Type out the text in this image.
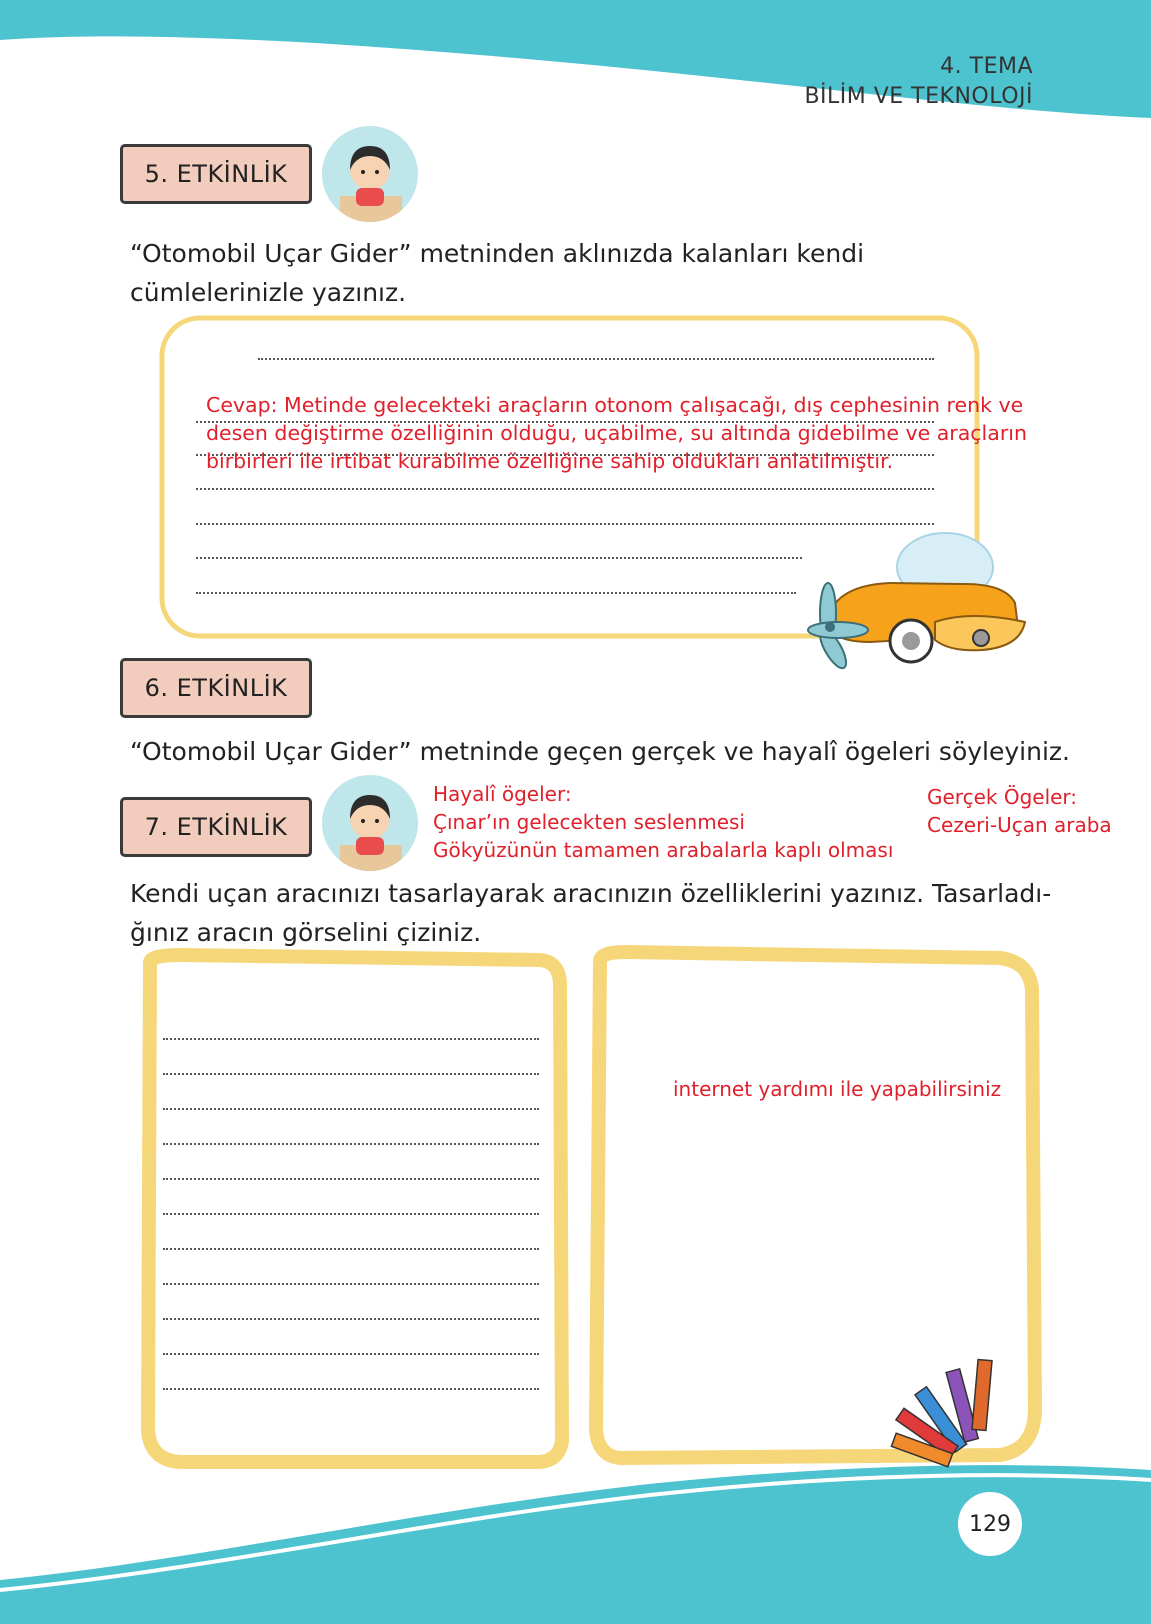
4. TEMA
BİLİM VE TEKNOLOJİ
5. ETKİNLİK
“Otomobil Uçar Gider” metninden aklınızda kalanları kendi cümlelerinizle yazınız.
Cevap: Metinde gelecekteki araçların otonom çalışacağı, dış cephesinin renk ve desen değiştirme özelliğinin olduğu, uçabilme, su altında gidebilme ve araçların birbirleri ile irtibat kurabilme özelliğine sahip oldukları anlatılmıştır.
6. ETKİNLİK
“Otomobil Uçar Gider” metninde geçen gerçek ve hayalî ögeleri söyleyiniz.
7. ETKİNLİK
Hayalî ögeler:
Çınar’ın gelecekten seslenmesi
Gökyüzünün tamamen arabalarla kaplı olması
Gerçek Ögeler:
Cezeri-Uçan araba
Kendi uçan aracınızı tasarlayarak aracınızın özelliklerini yazınız. Tasarladı-
ğınız aracın görselini çiziniz.
internet yardımı ile yapabilirsiniz
129
